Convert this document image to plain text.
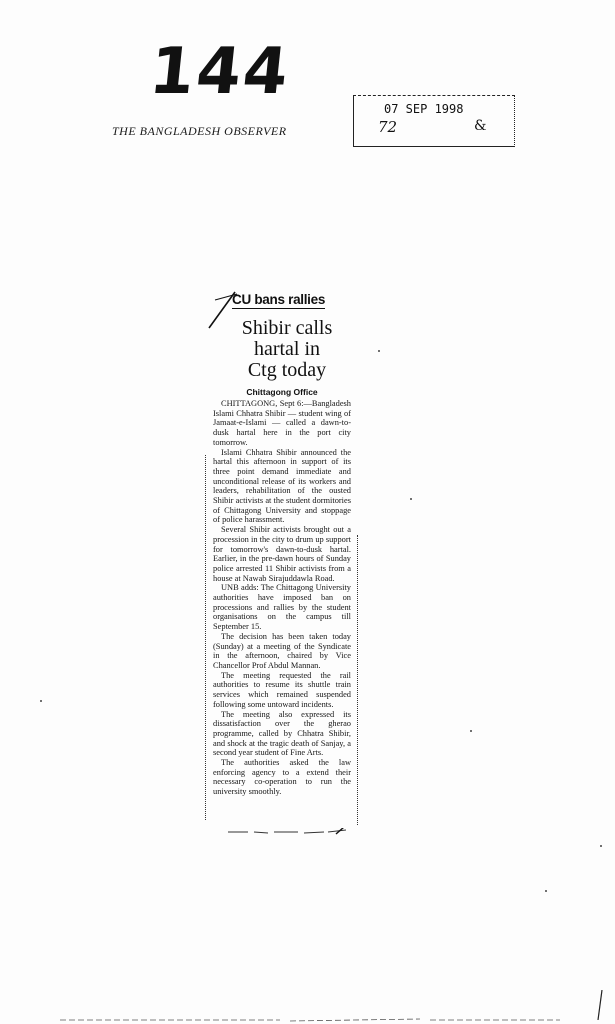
144
THE BANGLADESH OBSERVER
07 SEP 1998
72	&
CU bans rallies
Shibir calls
hartal in
Ctg today
Chittagong Office

CHITTAGONG, Sept 6:—Bangladesh Islami Chhatra Shibir — student wing of Jamaat-e-Islami — called a dawn-to-dusk hartal here in the port city tomorrow.

Islami Chhatra Shibir announced the hartal this afternoon in support of its three point demand immediate and unconditional release of its workers and leaders, rehabilitation of the ousted Shibir activists at the student dormitories of Chittagong University and stoppage of police harassment.

Several Shibir activists brought out a procession in the city to drum up support for tomorrow's dawn-to-dusk hartal. Earlier, in the pre-dawn hours of Sunday police arrested 11 Shibir activists from a house at Nawab Sirajuddawla Road.

UNB adds: The Chittagong University authorities have imposed ban on processions and rallies by the student organisations on the campus till September 15.

The decision has been taken today (Sunday) at a meeting of the Syndicate in the afternoon, chaired by Vice Chancellor Prof Abdul Mannan.

The meeting requested the rail authorities to resume its shuttle train services which remained suspended following some untoward incidents.

The meeting also expressed its dissatisfaction over the gherao programme, called by Chhatra Shibir, and shock at the tragic death of Sanjay, a second year student of Fine Arts.

The authorities asked the law enforcing agency to a extend their necessary co-operation to run the university smoothly.
